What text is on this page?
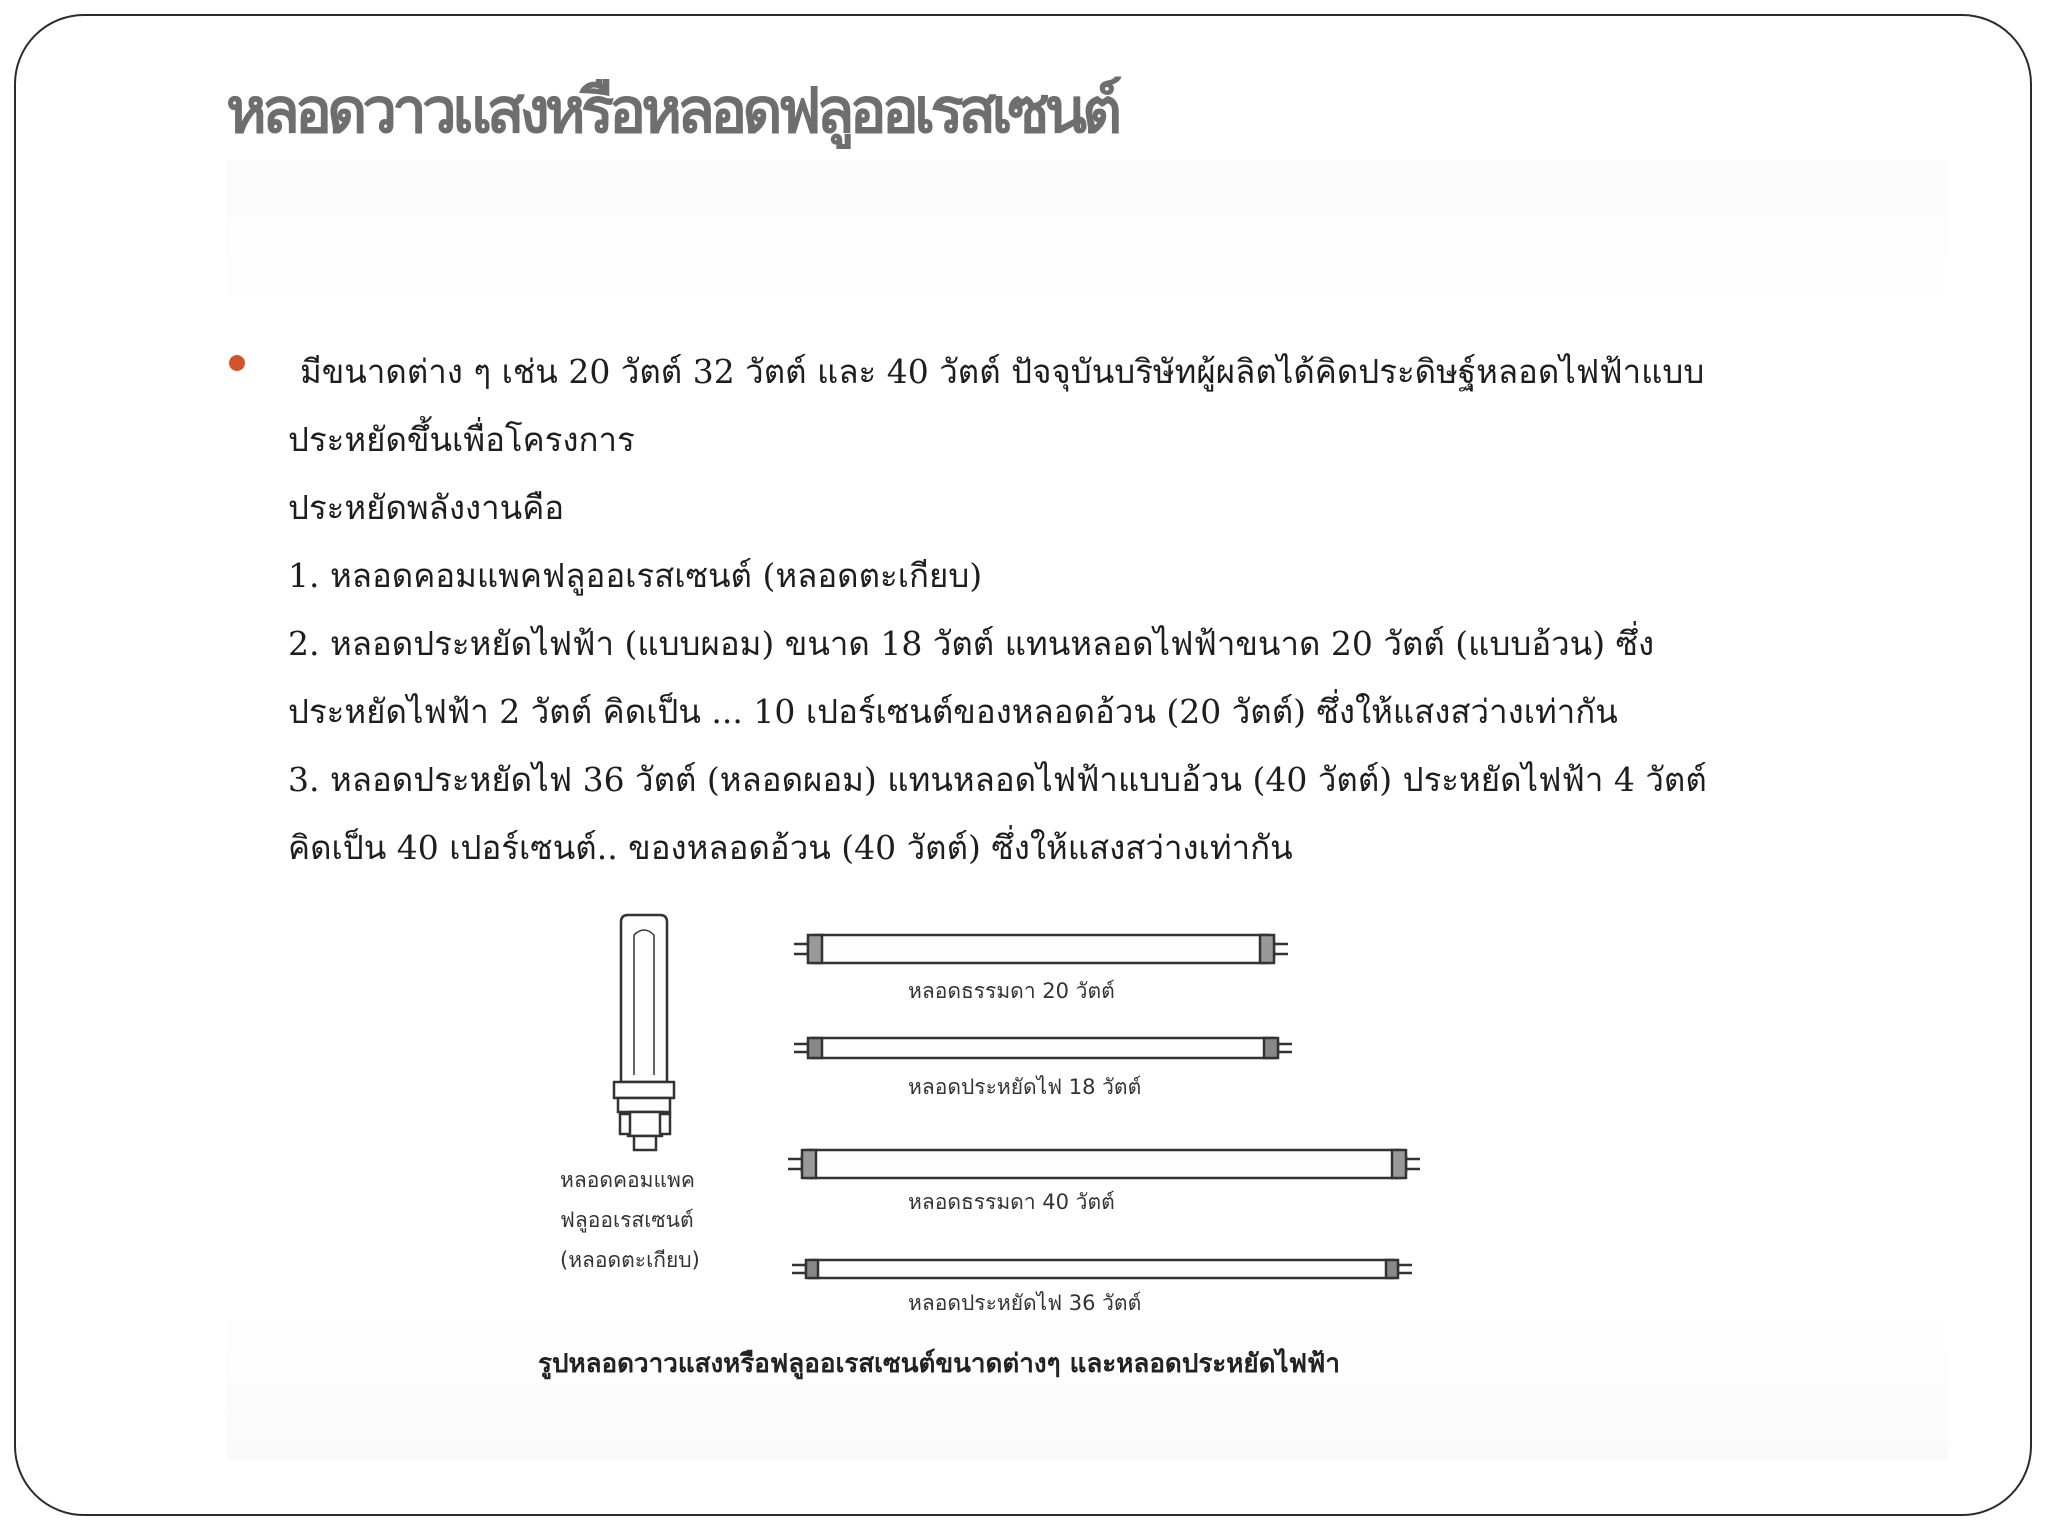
หลอดวาวแสงหรือหลอดฟลูออเรสเซนต์
มีขนาดต่าง ๆ เช่น 20 วัตต์ 32 วัตต์ และ 40 วัตต์ ปัจจุบันบริษัทผู้ผลิตได้คิดประดิษฐ์หลอดไฟฟ้าแบบ
ประหยัดขึ้นเพื่อโครงการ
ประหยัดพลังงานคือ
1. หลอดคอมแพคฟลูออเรสเซนต์ (หลอดตะเกียบ)
2. หลอดประหยัดไฟฟ้า (แบบผอม) ขนาด 18 วัตต์ แทนหลอดไฟฟ้าขนาด 20 วัตต์ (แบบอ้วน) ซึ่ง
ประหยัดไฟฟ้า 2 วัตต์ คิดเป็น ... 10 เปอร์เซนต์ของหลอดอ้วน (20 วัตต์) ซึ่งให้แสงสว่างเท่ากัน
3. หลอดประหยัดไฟ 36 วัตต์ (หลอดผอม) แทนหลอดไฟฟ้าแบบอ้วน (40 วัตต์) ประหยัดไฟฟ้า 4 วัตต์
คิดเป็น 40 เปอร์เซนต์.. ของหลอดอ้วน (40 วัตต์) ซึ่งให้แสงสว่างเท่ากัน
หลอดคอมแพค
ฟลูออเรสเซนต์
(หลอดตะเกียบ)
หลอดธรรมดา 20 วัตต์
หลอดประหยัดไฟ 18 วัตต์
หลอดธรรมดา 40 วัตต์
หลอดประหยัดไฟ 36 วัตต์
รูปหลอดวาวแสงหรือฟลูออเรสเซนต์ขนาดต่างๆ และหลอดประหยัดไฟฟ้า
